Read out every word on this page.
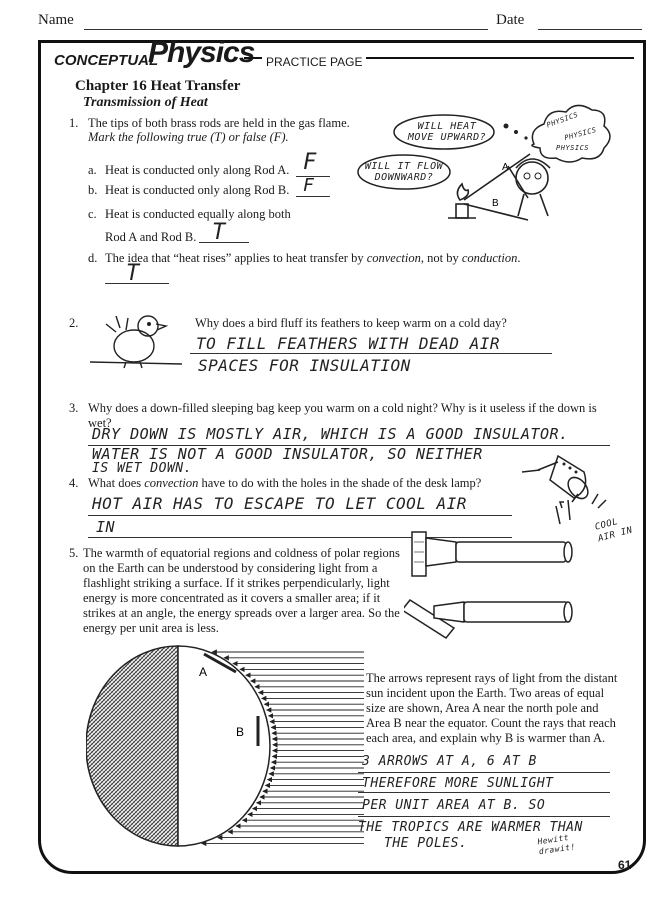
Name	Date
CONCEPTUAL
Physics PRACTICE PAGE
Chapter 16 Heat Transfer
Transmission of Heat
1. The tips of both brass rods are held in the gas flame.
Mark the following true (T) or false (F).
a. Heat is conducted only along Rod A. F
b. Heat is conducted only along Rod B. F
c. Heat is conducted equally along both
Rod A and Rod B. T
d. The idea that “heat rises” applies to heat transfer by convection, not by conduction.
T
A
B
WILL HEAT MOVE UPWARD?
WILL IT FLOW DOWNWARD?
PHYSICS
PHYSICS
PHYSICS
2.	Why does a bird fluff its feathers to keep warm on a cold day?
TO FILL FEATHERS WITH DEAD AIR
SPACES FOR INSULATION
3. Why does a down-filled sleeping bag keep you warm on a cold night? Why is it useless if the down is wet?
DRY DOWN IS MOSTLY AIR, WHICH IS A GOOD INSULATOR.
WATER IS NOT A GOOD INSULATOR, SO NEITHER
IS WET DOWN.
4. What does convection have to do with the holes in the shade of the desk lamp?
HOT AIR HAS TO ESCAPE TO LET COOL AIR
IN	COOL AIR IN
5. The warmth of equatorial regions and coldness of polar regions on the Earth can be understood by considering light from a flashlight striking a surface. If it strikes perpendicularly, light energy is more concentrated as it covers a smaller area; if it strikes at an angle, the energy spreads over a larger area. So the energy per unit area is less.
A
B
The arrows represent rays of light from the distant sun incident upon the Earth. Two areas of equal size are shown, Area A near the north pole and Area B near the equator. Count the rays that reach each area, and explain why B is warmer than A.
3 ARROWS AT A, 6 AT B
THEREFORE MORE SUNLIGHT
PER UNIT AREA AT B. SO
THE TROPICS ARE WARMER THAN
THE POLES.	Hewitt drawit!
61
